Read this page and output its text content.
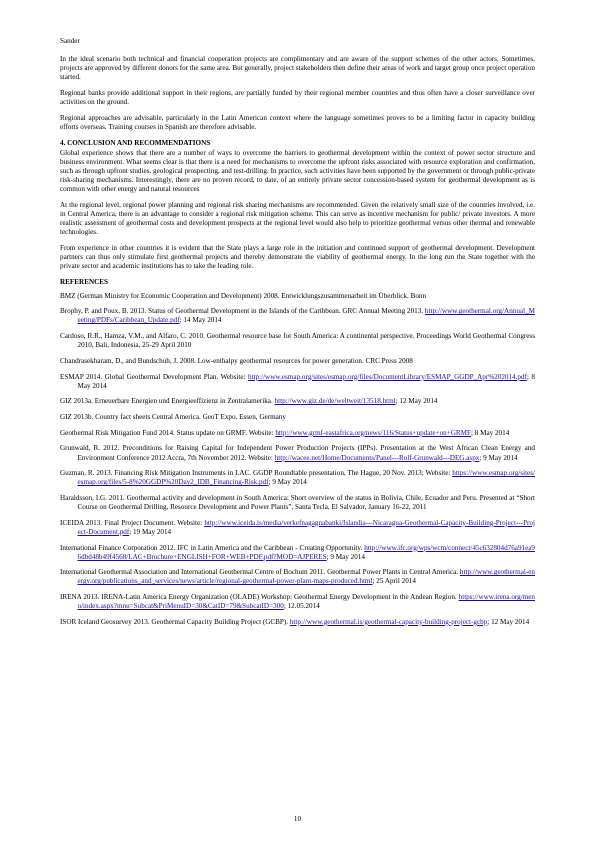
Sander

In the ideal scenario both technical and financial cooperation projects are complimentary and are aware of the support schemes of the other actors. Sometimes, projects are approved by different donors for the same area. But generally, project stakeholders then define their areas of work and target group once project operation started.

Regional banks provide additional support in their regions, are partially funded by their regional member countries and thus often have a closer surveillance over activities on the ground.

Regional approaches are advisable, particularly in the Latin American context where the language sometimes proves to be a limiting factor in capacity building efforts overseas. Training courses in Spanish are therefore advisable.

4. CONCLUSION AND RECOMMENDATIONS

Global experience shows that there are a number of ways to overcome the barriers to geothermal development within the context of power sector structure and business environment. What seems clear is that there is a need for mechanisms to overcome the upfront risks associated with resource exploration and confirmation, such as through upfront studies, geological prospecting, and test-drilling. In practice, such activities have been supported by the government or through public-private risk-sharing mechanisms. Interestingly, there are no proven record, to date, of an entirely private sector concession-based system for geothermal development as is common with other energy and natural resources

At the regional level, regional power planning and regional risk sharing mechanisms are recommended. Given the relatively small size of the countries involved, i.e. in Central America, there is an advantage to consider a regional risk mitigation scheme. This can serve as incentive mechanism for public/ private investors. A more realistic assessment of geothermal costs and development prospects at the regional level would also help to prioritize geothermal versus other thermal and renewable technologies.

From experience in other countries it is evident that the State plays a large role in the initiation and continued support of geothermal development. Development partners can thus only stimulate first geothermal projects and thereby demonstrate the viability of geothermal energy. In the long run the State together with the private sector and academic institutions has to take the leading role.

REFERENCES

BMZ (German Ministry for Economic Cooperation and Development) 2008. Entwicklungszusammenarbeit im Überblick. Bonn

Brophy, P. and Poux, B. 2013. Status of Geothermal Development in the Islands of the Caribbean. GRC Annual Meeting 2013. http://www.geothermal.org/Annual_Meeting/PDFs/Caribbean_Update.pdf; 14 May 2014

Cardoso, R.R., Hamza, V.M., and Alfaro, C. 2010. Geothermal resource base for South America: A continental perspective. Proceedings World Geothermal Congress 2010, Bali, Indonesia, 25-29 April 2010

Chandrasekharam, D., and Bundschuh, J. 2008. Low-enthalpy geothermal resources for power generation. CRC Press 2008

ESMAP 2014. Global Geothermal Development Plan. Website: http://www.esmap.org/sites/esmap.org/files/DocumentLibrary/ESMAP_GGDP_Apr%202014.pdf; 8 May 2014

GIZ 2013a. Erneuerbare Energien und Energieeffizienz in Zentralamerika. http://www.giz.de/de/weltweit/13518.html; 12 May 2014

GIZ 2013b. Country fact sheets Central America. GeoT Expo, Essen, Germany

Geothermal Risk Mitigation Fund 2014. Status update on GRMF. Website: http://www.grmf-eastafrica.org/news/116/Status+update+on+GRMF; 8 May 2014

Grunwald, R. 2012. Preconditions for Raising Capital for Independent Power Production Projects (IPPs). Presentation at the West African Clean Energy and Environment Conference 2012 Accra, 7th November 2012. Website: http://wacee.net/Home/Documents/Panel---Rolf-Grunwald---DEG.aspx; 9 May 2014

Guzman, R. 2013. Financing Risk Mitigation Instruments in LAC. GGDP Roundtable presentation, The Hague, 20 Nov. 2013; Website: https://www.esmap.org/sites/esmap.org/files/5-8%20GGDP%20Day2_IDB_Financing-Risk.pdf; 9 May 2014

Haraldsson, I.G. 2011. Geothermal activity and development in South America: Short overview of the status in Bolivia, Chile, Ecuador and Peru. Presented at “Short Course on Geothermal Drilling, Resource Development and Power Plants”, Santa Tecla, El Salvador, January 16-22, 2011

ICEIDA 2013. Final Project Document. Website: http://www.iceida.is/media/verkefnagagnabanki/Islandia---Nicaragua-Geothermal-Capacity-Building-Project---Project-Document.pdf; 19 May 2014

International Finance Corporation 2012. IFC in Latin America and the Caribbean - Creating Opportunity. http://www.ifc.org/wps/wcm/connect/45c632804d76a91ea96dbd48b49f4568/LAC+Brochure+ENGLISH+FOR+WEB+PDF.pdf?MOD=AJPERES; 9 May 2014

International Geothermal Association and International Geothermal Centre of Bochum 2011. Geothermal Power Plants in Central America. http://www.geothermal-energy.org/publications_and_services/news/article/regional-geothermal-power-plant-maps-produced.html; 25 April 2014

IRENA 2013. IRENA-Latin America Energy Organization (OLADE) Workshop: Geothermal Energy Development in the Andean Region. https://www.irena.org/menu/index.aspx?mnu=Subcat&PriMenuID=30&CatID=79&SubcatID=300; 12.05.2014

ISOR Iceland Geosurvey 2013. Geothermal Capacity Building Project (GCBP). http://www.geothermal.is/geothermal-capacity-building-project-gcbp; 12 May 2014

10
